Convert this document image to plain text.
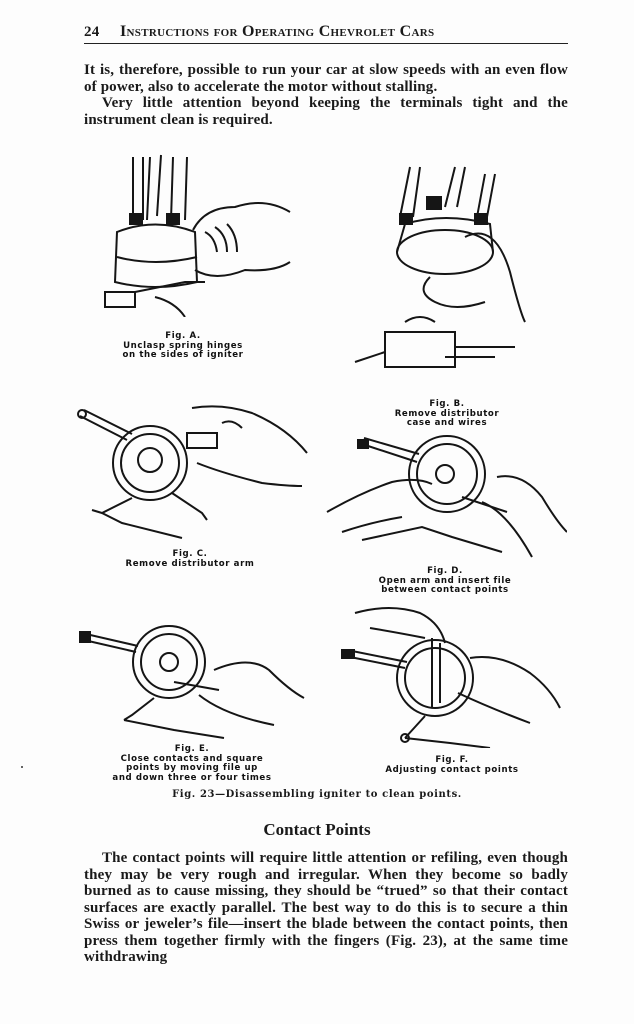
24	Instructions for Operating Chevrolet Cars

It is, therefore, possible to run your car at slow speeds with an even flow of power, also to accelerate the motor without stalling.

Very little attention beyond keeping the terminals tight and the instrument clean is required.

Fig. A.
Unclasp spring hinges
on the sides of igniter
Fig. B.
Remove distributor
case and wires
Fig. C.
Remove distributor arm
Fig. D.
Open arm and insert file
between contact points
Fig. E.
Close contacts and square
points by moving file up
and down three or four times
Fig. F.
Adjusting contact points
Fig. 23—Disassembling igniter to clean points.
Contact Points

The contact points will require little attention or refiling, even though they may be very rough and irregular. When they become so badly burned as to cause missing, they should be “trued” so that their contact surfaces are exactly parallel. The best way to do this is to secure a thin Swiss or jeweler’s file—insert the blade between the contact points, then press them together firmly with the fingers (Fig. 23), at the same time withdrawing
